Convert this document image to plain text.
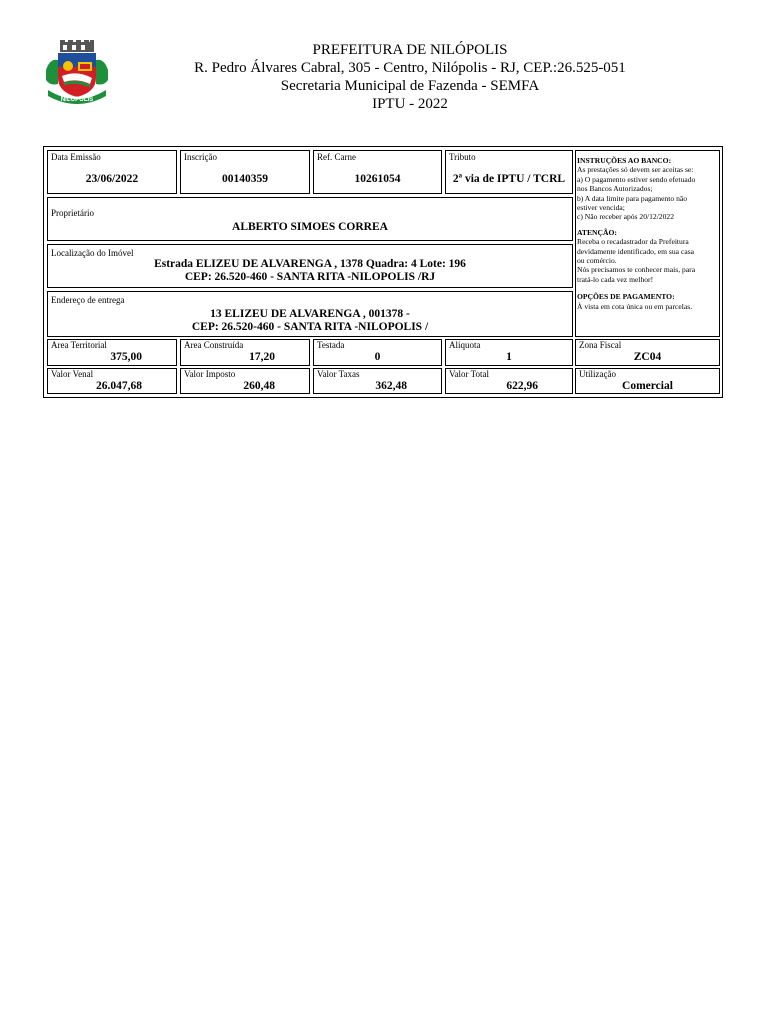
NILOPOLIS
PREFEITURA DE NILÓPOLIS
R. Pedro Álvares Cabral, 305 - Centro, Nilópolis - RJ, CEP.:26.525-051
Secretaria Municipal de Fazenda - SEMFA
IPTU - 2022
Data Emissão
23/06/2022
Inscrição
00140359
Ref. Carne
10261054
Tributo
2ª via de IPTU / TCRL
INSTRUÇÕES AO BANCO:
As prestações só devem ser aceitas se:
a) O pagamento estiver sendo efetuado
nos Bancos Autorizados;
b) A data limite para pagamento não
estiver vencida;
c) Não receber após 20/12/2022
ATENÇÃO:
Receba o recadastrador da Prefeitura
devidamente identificado, em sua casa
ou comércio.
Nós precisamos te conhecer mais, para
tratá-lo cada vez melhor!
OPÇÕES DE PAGAMENTO:
À vista em cota única ou em parcelas.
Proprietário
ALBERTO SIMOES CORREA
Localização do Imóvel
Estrada ELIZEU DE ALVARENGA , 1378 Quadra: 4 Lote: 196
CEP: 26.520-460 - SANTA RITA -NILOPOLIS /RJ
Endereço de entrega
13 ELIZEU DE ALVARENGA , 001378 -
CEP: 26.520-460 - SANTA RITA -NILOPOLIS /
Area Territorial
375,00
Area Construída
17,20
Testada
0
Alíquota
1
Zona Fiscal
ZC04
Valor Venal
26.047,68
Valor Imposto
260,48
Valor Taxas
362,48
Valor Total
622,96
Utilização
Comercial
